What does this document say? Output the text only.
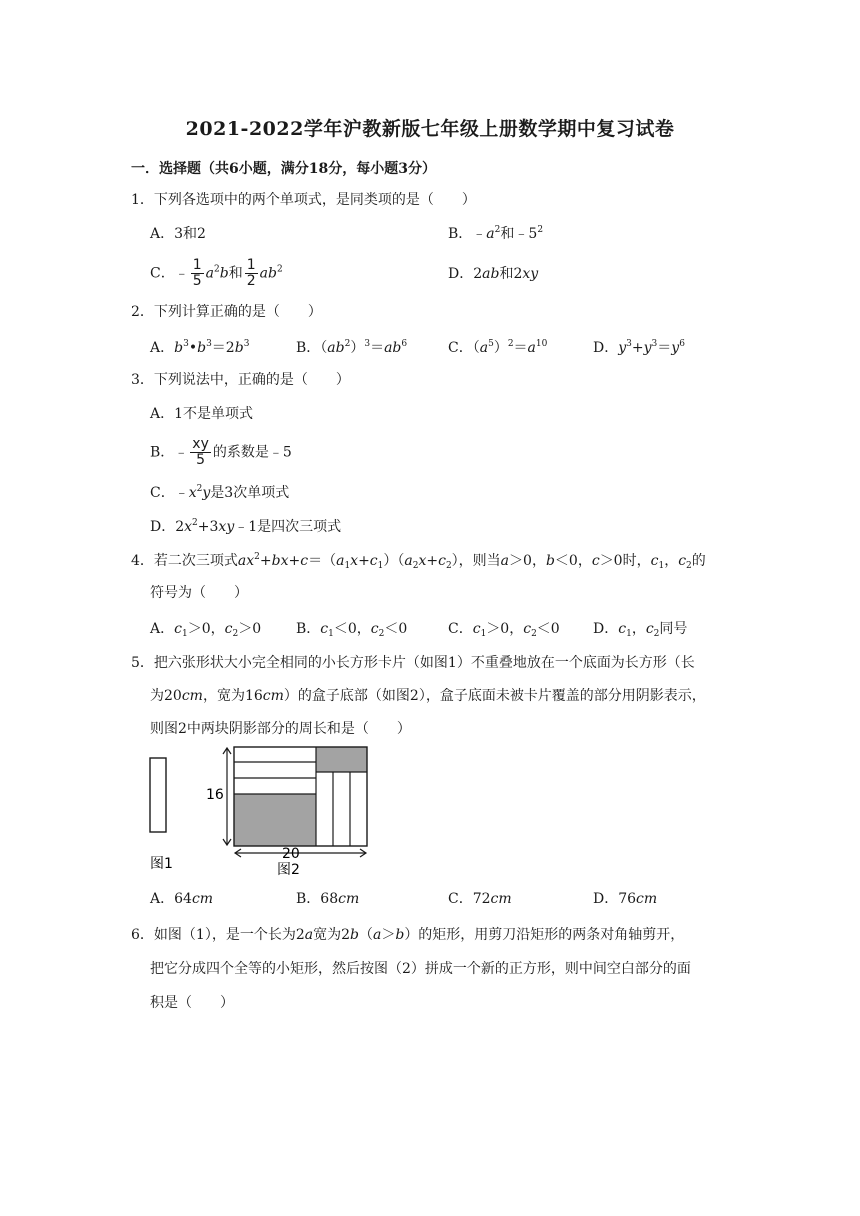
2021-2022学年沪教新版七年级上册数学期中复习试卷
一．选择题（共6小题，满分18分，每小题3分）
1．下列各选项中的两个单项式，是同类项的是（　　）
A．3和2	B．$﹣a^2$和$﹣5^2$
C．﹣ $\frac{1}{5} a^2b$和 $\frac{1}{2} ab^2$	D．2ab和2xy
2．下列计算正确的是（　　）
A．$b^3•b^3=2b^3$	B．$(ab^2)^3=ab^6$	C．$(a^5)^2=a^{10}$	D．$y^3+y^3=y^6$
3．下列说法中，正确的是（　　）
A．1不是单项式
B．﹣ $\frac{xy}{5}$ 的系数是﹣5
C．$﹣x^2y$是3次单项式
D．$2x^2+3xy﹣1$是四次三项式
4．若二次三项式$ax^2+bx+c=(a_1x+c_1)(a_2x+c_2)$，则当a＞0，b＜0，c＞0时，$c_1$，$c_2$的
符号为（　　）
A．$c_1>0$，$c_2>0$ B．$c_1<0$，$c_2<0$	C．$c_1>0$，$c_2<0$ D．$c_1$，$c_2$同号
5．把六张形状大小完全相同的小长方形卡片（如图1）不重叠地放在一个底面为长方形（长
为20cm，宽为16cm）的盒子底部（如图2），盒子底面未被卡片覆盖的部分用阴影表示，
则图2中两块阴影部分的周长和是（　　）
图1
16
20
图2
A．64cm	B．68cm	C．72cm	D．76cm
6．如图（1），是一个长为2a宽为2b（a＞b）的矩形，用剪刀沿矩形的两条对角轴剪开，
把它分成四个全等的小矩形，然后按图（2）拼成一个新的正方形，则中间空白部分的面
积是（　　）
